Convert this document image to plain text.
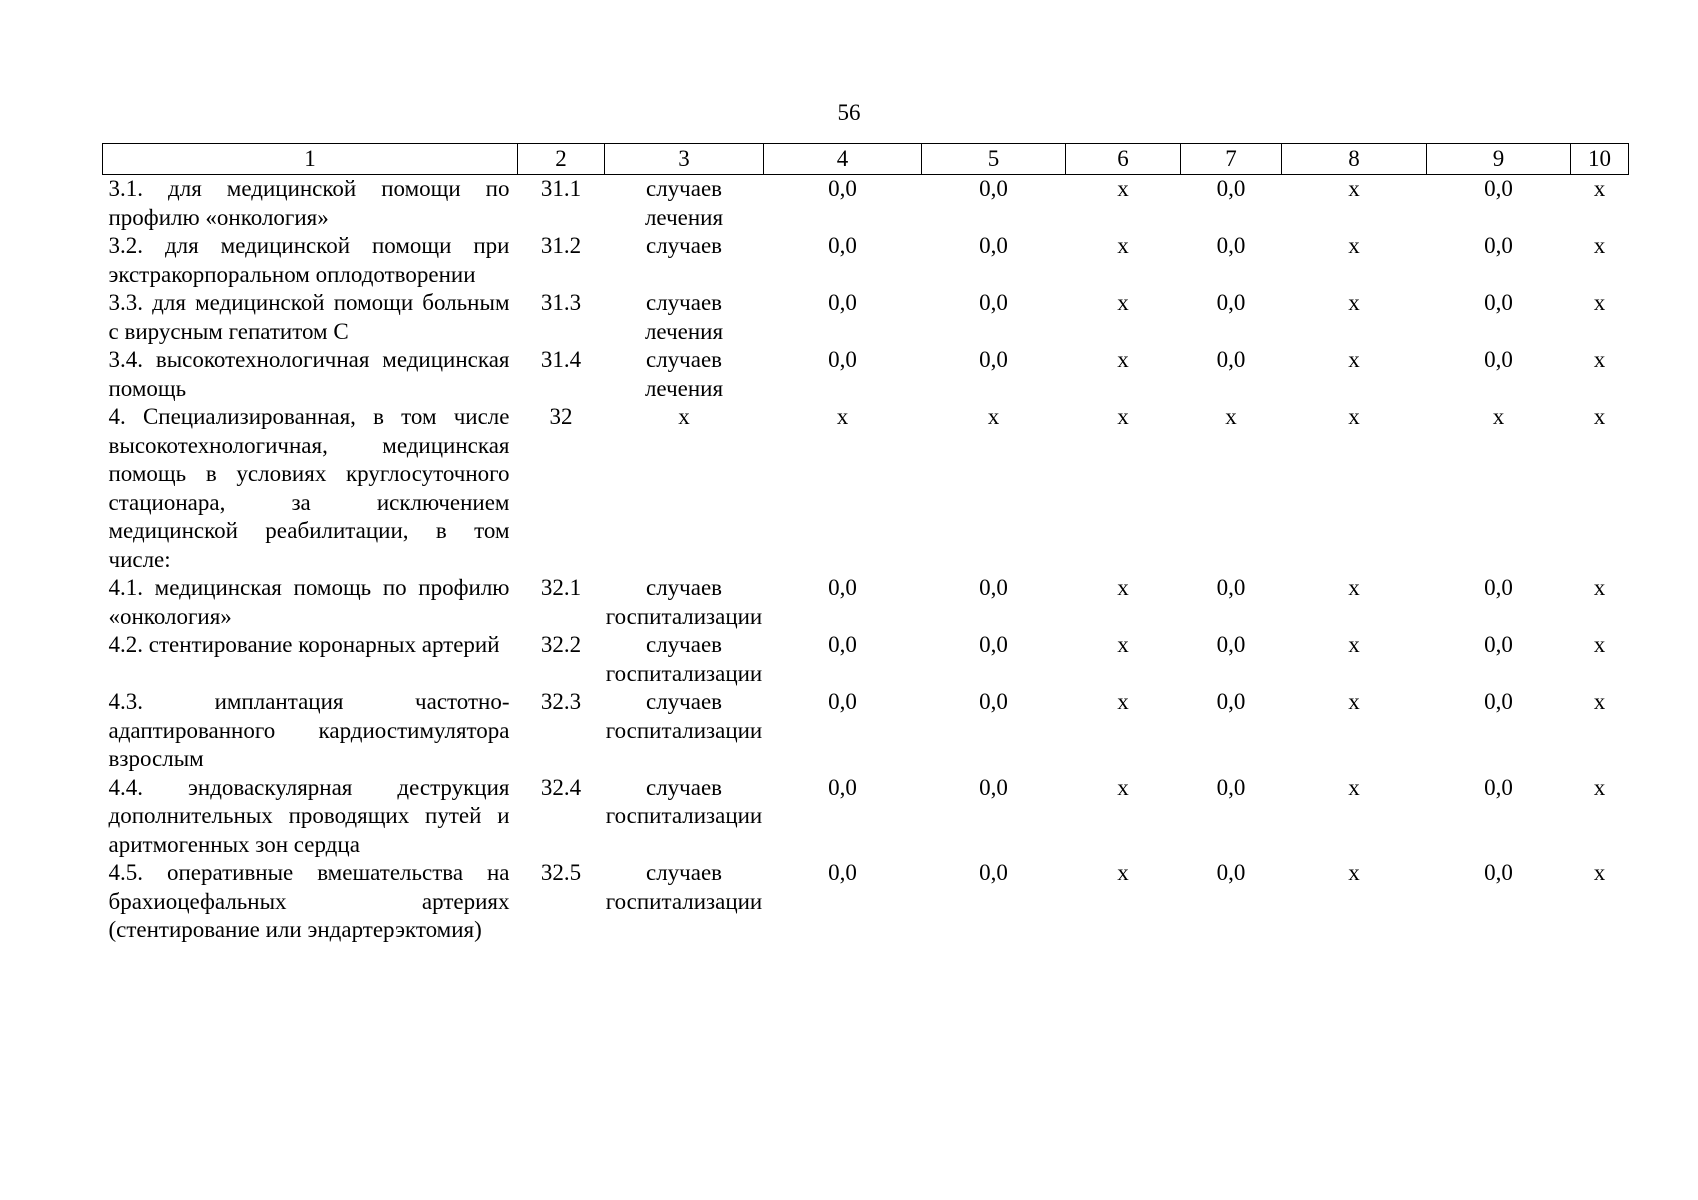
56
1	2	3	4	5	6	7	8	9	10
3.1. для медицинской помощи по профилю «онкология»	31.1	случаев лечения	0,0	0,0	х	0,0	х	0,0	х
3.2. для медицинской помощи при экстракорпоральном оплодотворении	31.2	случаев	0,0	0,0	х	0,0	х	0,0	х
3.3. для медицинской помощи больным с вирусным гепатитом С	31.3	случаев лечения	0,0	0,0	х	0,0	х	0,0	х
3.4. высокотехнологичная медицинская помощь	31.4	случаев лечения	0,0	0,0	х	0,0	х	0,0	х
4. Специализированная, в том числе высокотехнологичная, медицинская помощь в условиях круглосуточного стационара, за исключением медицинской реабилитации, в том числе:	32	х	х	х	х	х	х	х	х
4.1. медицинская помощь по профилю «онкология»	32.1	случаев госпитализации	0,0	0,0	х	0,0	х	0,0	х
4.2. стентирование коронарных артерий	32.2	случаев госпитализации	0,0	0,0	х	0,0	х	0,0	х
4.3. имплантация частотно-адаптированного кардиостимулятора взрослым	32.3	случаев госпитализации	0,0	0,0	х	0,0	х	0,0	х
4.4. эндоваскулярная деструкция дополнительных проводящих путей и аритмогенных зон сердца	32.4	случаев госпитализации	0,0	0,0	х	0,0	х	0,0	х
4.5. оперативные вмешательства на брахиоцефальных артериях (стентирование или эндартерэктомия)	32.5	случаев госпитализации	0,0	0,0	х	0,0	х	0,0	х
